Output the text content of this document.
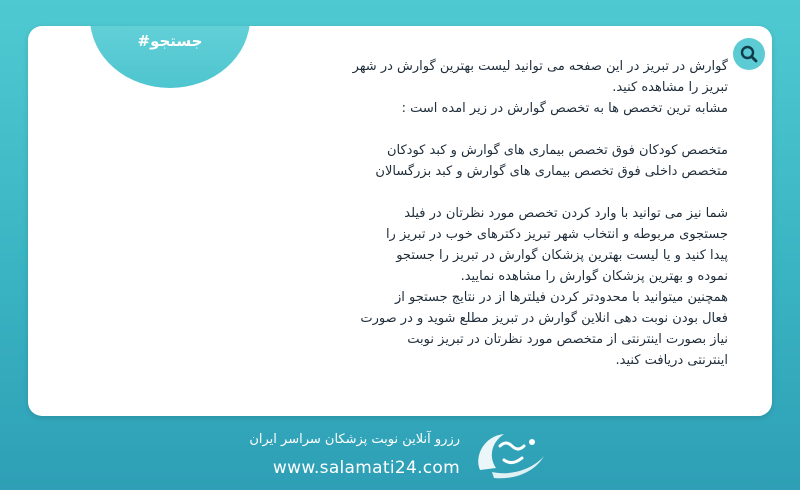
#جستجو

گوارش در تبریز در این صفحه می توانید لیست بهترین گوارش در شهر

تبریز را مشاهده کنید.

مشابه ترین تخصص ها به تخصص گوارش در زیر امده است :

متخصص کودکان فوق تخصص بیماری های گوارش و کبد کودکان

متخصص داخلی فوق تخصص بیماری های گوارش و کبد بزرگسالان

شما نیز می توانید با وارد کردن تخصص مورد نظرتان در فیلد

جستجوی مربوطه و انتخاب شهر تبریز دکترهای خوب در تبریز را

پیدا کنید و یا لیست بهترین پزشکان گوارش در تبریز را جستجو

نموده و بهترین پزشکان گوارش را مشاهده نمایید.

همچنین میتوانید با محدودتر کردن فیلترها از در نتایج جستجو از

فعال بودن نوبت دهی انلاین گوارش در تبریز مطلع شوید و در صورت

نیاز بصورت اینترنتی از متخصص مورد نظرتان در تبریز نوبت

اینترنتی دریافت کنید.

رزرو آنلاین نوبت پزشکان سراسر ایران
www.salamati24.com
